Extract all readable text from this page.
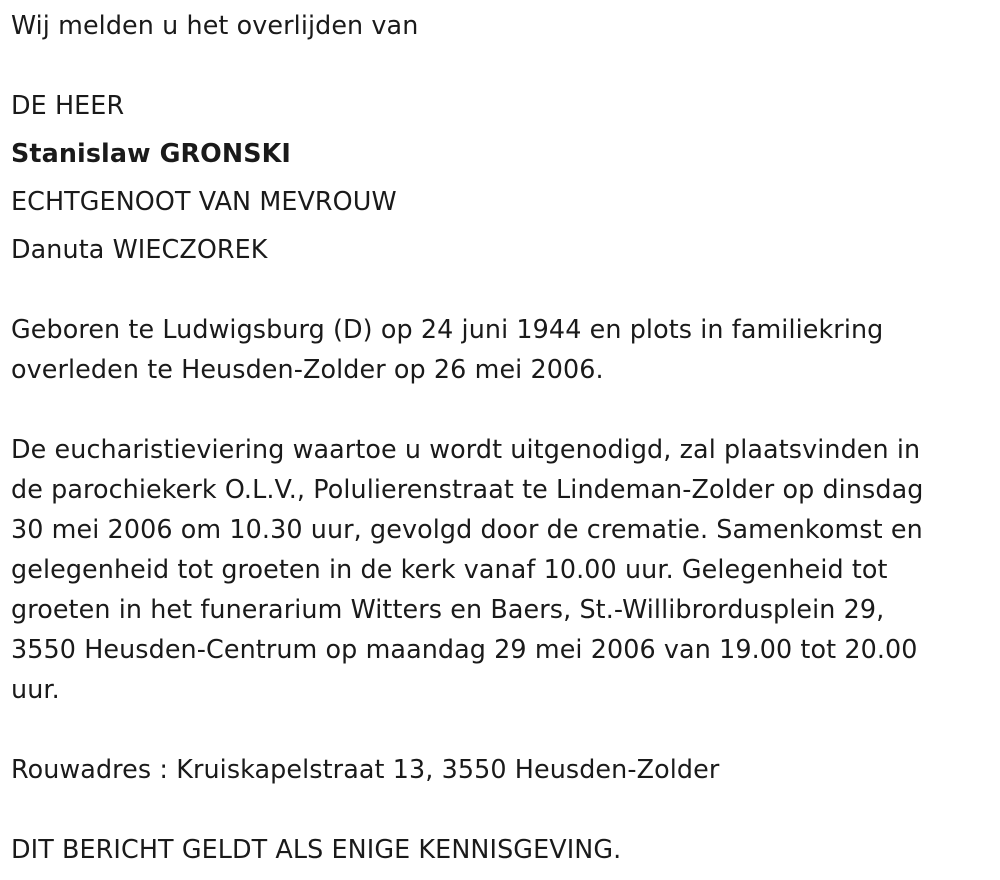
Wij melden u het overlijden van
DE HEER
Stanislaw GRONSKI
ECHTGENOOT VAN MEVROUW
Danuta WIECZOREK
Geboren te Ludwigsburg (D) op 24 juni 1944 en plots in familiekring
overleden te Heusden-Zolder op 26 mei 2006.
De eucharistieviering waartoe u wordt uitgenodigd, zal plaatsvinden in
de parochiekerk O.L.V., Polulierenstraat te Lindeman-Zolder op dinsdag
30 mei 2006 om 10.30 uur, gevolgd door de crematie. Samenkomst en
gelegenheid tot groeten in de kerk vanaf 10.00 uur. Gelegenheid tot
groeten in het funerarium Witters en Baers, St.-Willibrordusplein 29,
3550 Heusden-Centrum op maandag 29 mei 2006 van 19.00 tot 20.00
uur.
Rouwadres : Kruiskapelstraat 13, 3550 Heusden-Zolder
DIT BERICHT GELDT ALS ENIGE KENNISGEVING.
